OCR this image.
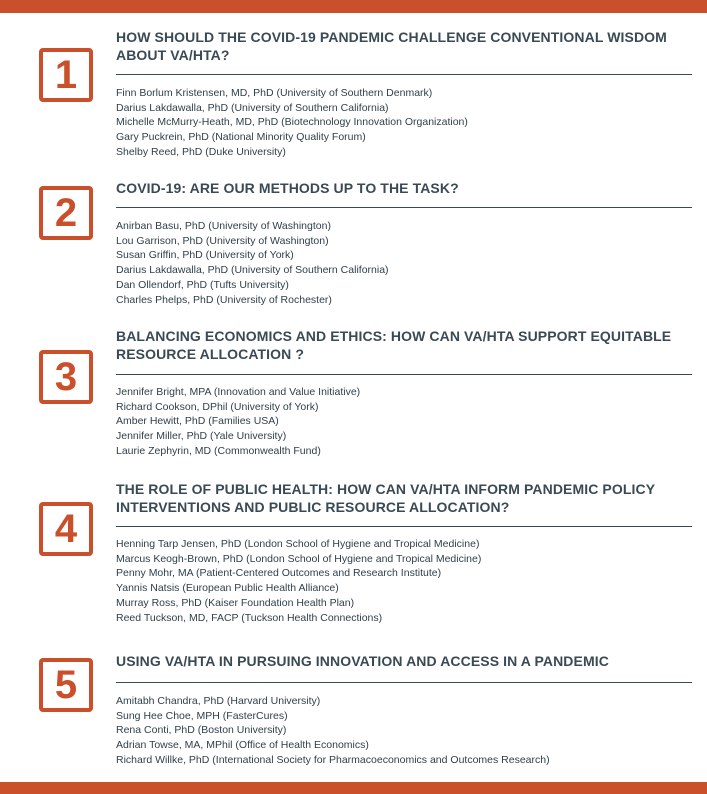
1
HOW SHOULD THE COVID-19 PANDEMIC CHALLENGE CONVENTIONAL WISDOM ABOUT VA/HTA?
Finn Borlum Kristensen, MD, PhD (University of Southern Denmark)
Darius Lakdawalla, PhD (University of Southern California)
Michelle McMurry-Heath, MD, PhD (Biotechnology Innovation Organization)
Gary Puckrein, PhD (National Minority Quality Forum)
Shelby Reed, PhD (Duke University)
2
COVID-19: ARE OUR METHODS UP TO THE TASK?
Anirban Basu, PhD (University of Washington)
Lou Garrison, PhD (University of Washington)
Susan Griffin, PhD (University of York)
Darius Lakdawalla, PhD (University of Southern California)
Dan Ollendorf, PhD (Tufts University)
Charles Phelps, PhD (University of Rochester)
3
BALANCING ECONOMICS AND ETHICS: HOW CAN VA/HTA SUPPORT EQUITABLE RESOURCE ALLOCATION ?
Jennifer Bright, MPA (Innovation and Value Initiative)
Richard Cookson, DPhil (University of York)
Amber Hewitt, PhD (Families USA)
Jennifer Miller, PhD (Yale University)
Laurie Zephyrin, MD (Commonwealth Fund)
4
THE ROLE OF PUBLIC HEALTH: HOW CAN VA/HTA INFORM PANDEMIC POLICY INTERVENTIONS AND PUBLIC RESOURCE ALLOCATION?
Henning Tarp Jensen, PhD (London School of Hygiene and Tropical Medicine)
Marcus Keogh-Brown, PhD (London School of Hygiene and Tropical Medicine)
Penny Mohr, MA (Patient-Centered Outcomes and Research Institute)
Yannis Natsis (European Public Health Alliance)
Murray Ross, PhD (Kaiser Foundation Health Plan)
Reed Tuckson, MD, FACP (Tuckson Health Connections)
5
USING VA/HTA IN PURSUING INNOVATION AND ACCESS IN A PANDEMIC
Amitabh Chandra, PhD (Harvard University)
Sung Hee Choe, MPH (FasterCures)
Rena Conti, PhD (Boston University)
Adrian Towse, MA, MPhil (Office of Health Economics)
Richard Willke, PhD (International Society for Pharmacoeconomics and Outcomes Research)
